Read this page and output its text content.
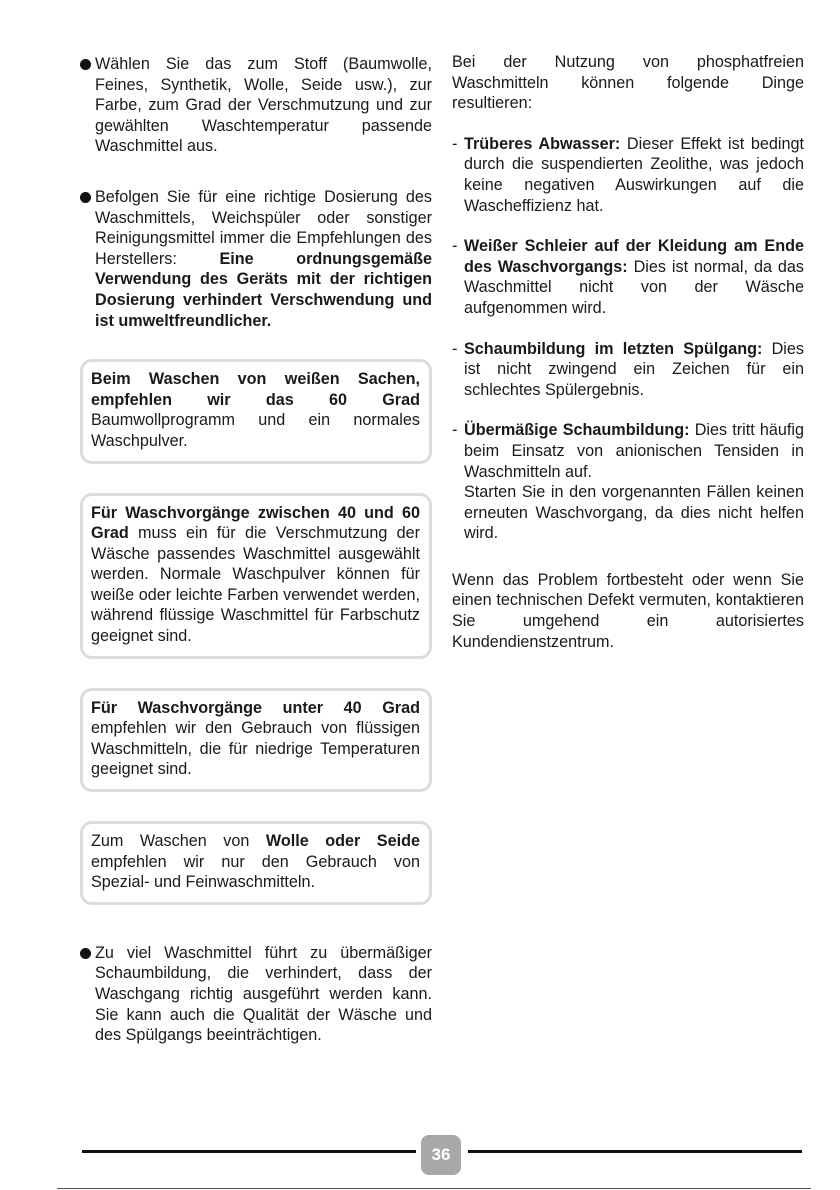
Wählen Sie das zum Stoff (Baumwolle, Feines, Synthetik, Wolle, Seide usw.), zur Farbe, zum Grad der Verschmutzung und zur gewählten Waschtemperatur passende Waschmittel aus.

Befolgen Sie für eine richtige Dosierung des Waschmittels, Weichspüler oder sonstiger Reinigungsmittel immer die Empfehlungen des Herstellers:	Eine ordnungsgemäße Verwendung des Geräts mit der richtigen Dosierung verhindert Verschwendung und ist umweltfreundlicher.

Beim Waschen von weißen Sachen, empfehlen wir das 60 Grad Baumwollprogramm und ein normales Waschpulver.

Für Waschvorgänge zwischen 40 und 60 Grad muss ein für die Verschmutzung der Wäsche passendes Waschmittel ausgewählt werden. Normale Waschpulver können für weiße oder leichte Farben verwendet werden, während flüssige Waschmittel für Farbschutz geeignet sind.

Für Waschvorgänge unter 40 Grad empfehlen wir den Gebrauch von flüssigen Waschmitteln, die für niedrige Temperaturen geeignet sind.

Zum Waschen von Wolle oder Seide empfehlen wir nur den Gebrauch von Spezial- und Feinwaschmitteln.

Zu viel Waschmittel führt zu übermäßiger Schaumbildung, die verhindert, dass der Waschgang richtig ausgeführt werden kann. Sie kann auch die Qualität der Wäsche und des Spülgangs beeinträchtigen.

Bei der Nutzung von phosphatfreien Waschmitteln können folgende Dinge resultieren:

- Trüberes Abwasser: Dieser Effekt ist bedingt durch die suspendierten Zeolithe, was jedoch keine negativen Auswirkungen auf die Wascheffizienz hat.

- Weißer Schleier auf der Kleidung am Ende des Waschvorgangs: Dies ist normal, da das Waschmittel nicht von der Wäsche aufgenommen wird.

- Schaumbildung im letzten Spülgang: Dies ist nicht zwingend ein Zeichen für ein schlechtes Spülergebnis.

- Übermäßige Schaumbildung: Dies tritt häufig beim Einsatz von anionischen Tensiden in Waschmitteln auf.

Starten Sie in den vorgenannten Fällen keinen erneuten Waschvorgang, da dies nicht helfen wird.

Wenn das Problem fortbesteht oder wenn Sie einen technischen Defekt vermuten, kontaktieren Sie umgehend ein autorisiertes Kundendienstzentrum.

36
